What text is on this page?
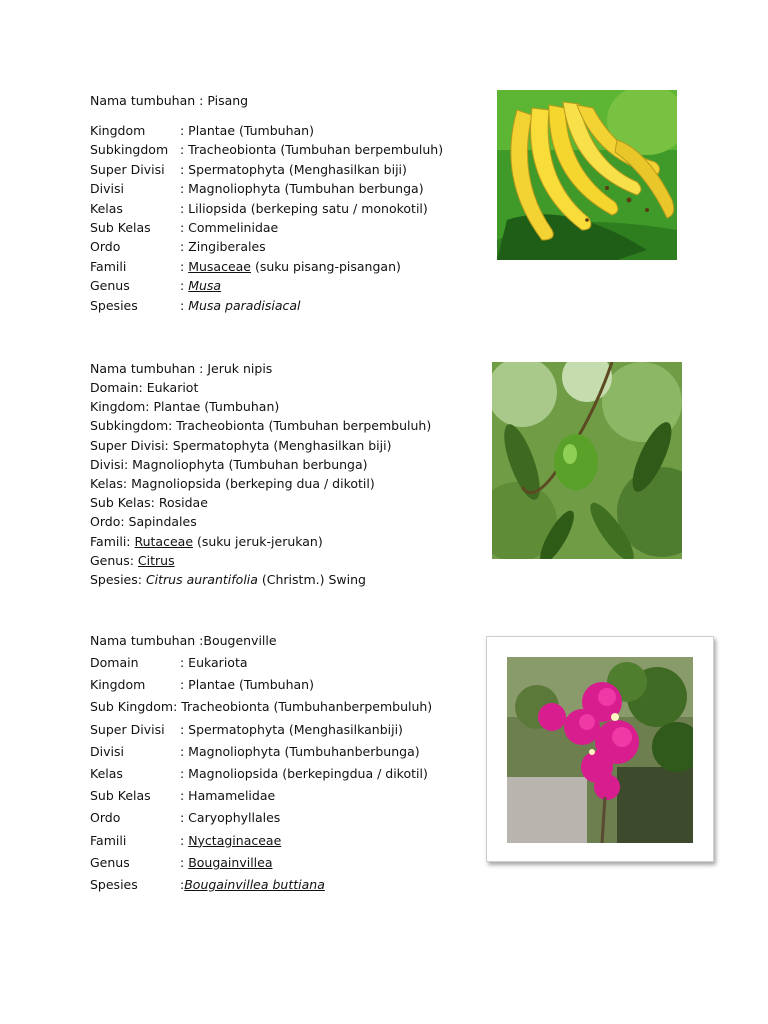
Nama tumbuhan : Pisang
Kingdom	: Plantae (Tumbuhan)
Subkingdom : Tracheobionta (Tumbuhan berpembuluh)
Super Divisi : Spermatophyta (Menghasilkan biji)
Divisi	: Magnoliophyta (Tumbuhan berbunga)
Kelas	: Liliopsida (berkeping satu / monokotil)
Sub Kelas : Commelinidae
Ordo	: Zingiberales
Famili	: Musaceae (suku pisang-pisangan)
Genus	: Musa
Spesies	: Musa paradisiacal
Nama tumbuhan : Jeruk nipis
Domain: Eukariot
Kingdom: Plantae (Tumbuhan)
Subkingdom: Tracheobionta (Tumbuhan berpembuluh)
Super Divisi: Spermatophyta (Menghasilkan biji)
Divisi: Magnoliophyta (Tumbuhan berbunga)
Kelas: Magnoliopsida (berkeping dua / dikotil)
Sub Kelas: Rosidae
Ordo: Sapindales
Famili: Rutaceae (suku jeruk-jerukan)
Genus: Citrus
Spesies: Citrus aurantifolia (Christm.) Swing
Nama tumbuhan :Bougenville
Domain	: Eukariota
Kingdom	: Plantae (Tumbuhan)
Sub Kingdom: Tracheobionta (Tumbuhanberpembuluh)
Super Divisi : Spermatophyta (Menghasilkanbiji)
Divisi	: Magnoliophyta (Tumbuhanberbunga)
Kelas	: Magnoliopsida (berkepingdua / dikotil)
Sub Kelas : Hamamelidae
Ordo	: Caryophyllales
Famili	: Nyctaginaceae
Genus	: Bougainvillea
Spesies	:Bougainvillea buttiana
